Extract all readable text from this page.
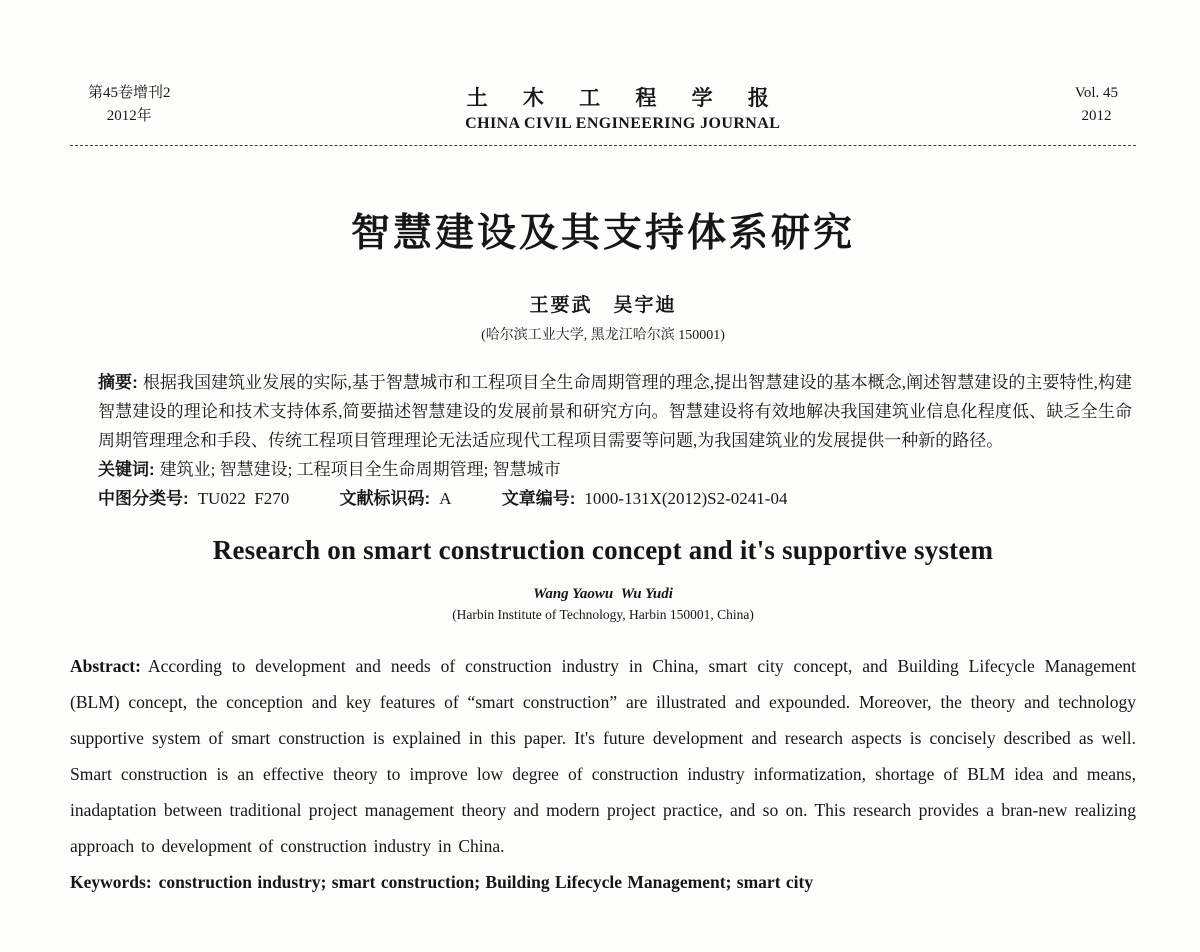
第45卷增刊2
2012年
土 木 工 程 学 报
CHINA CIVIL ENGINEERING JOURNAL
Vol. 45
2012
智慧建设及其支持体系研究
王要武 吴宇迪
(哈尔滨工业大学, 黑龙江哈尔滨 150001)

摘要: 根据我国建筑业发展的实际,基于智慧城市和工程项目全生命周期管理的理念,提出智慧建设的基本概念,阐述智慧建设的主要特性,构建智慧建设的理论和技术支持体系,简要描述智慧建设的发展前景和研究方向。智慧建设将有效地解决我国建筑业信息化程度低、缺乏全生命周期管理理念和手段、传统工程项目管理理论无法适应现代工程项目需要等问题,为我国建筑业的发展提供一种新的路径。

关键词: 建筑业; 智慧建设; 工程项目全生命周期管理; 智慧城市

中图分类号: TU022 F270	文献标识码: A	文章编号: 1000-131X(2012)S2-0241-04

Research on smart construction concept and it's supportive system
Wang Yaowu Wu Yudi
(Harbin Institute of Technology, Harbin 150001, China)

Abstract: According to development and needs of construction industry in China, smart city concept, and Building Lifecycle Management (BLM) concept, the conception and key features of “smart construction” are illustrated and expounded. Moreover, the theory and technology supportive system of smart construction is explained in this paper. It's future development and research aspects is concisely described as well. Smart construction is an effective theory to improve low degree of construction industry informatization, shortage of BLM idea and means, inadaptation between traditional project management theory and modern project practice, and so on. This research provides a bran-new realizing approach to development of construction industry in China.

Keywords: construction industry; smart construction; Building Lifecycle Management; smart city
